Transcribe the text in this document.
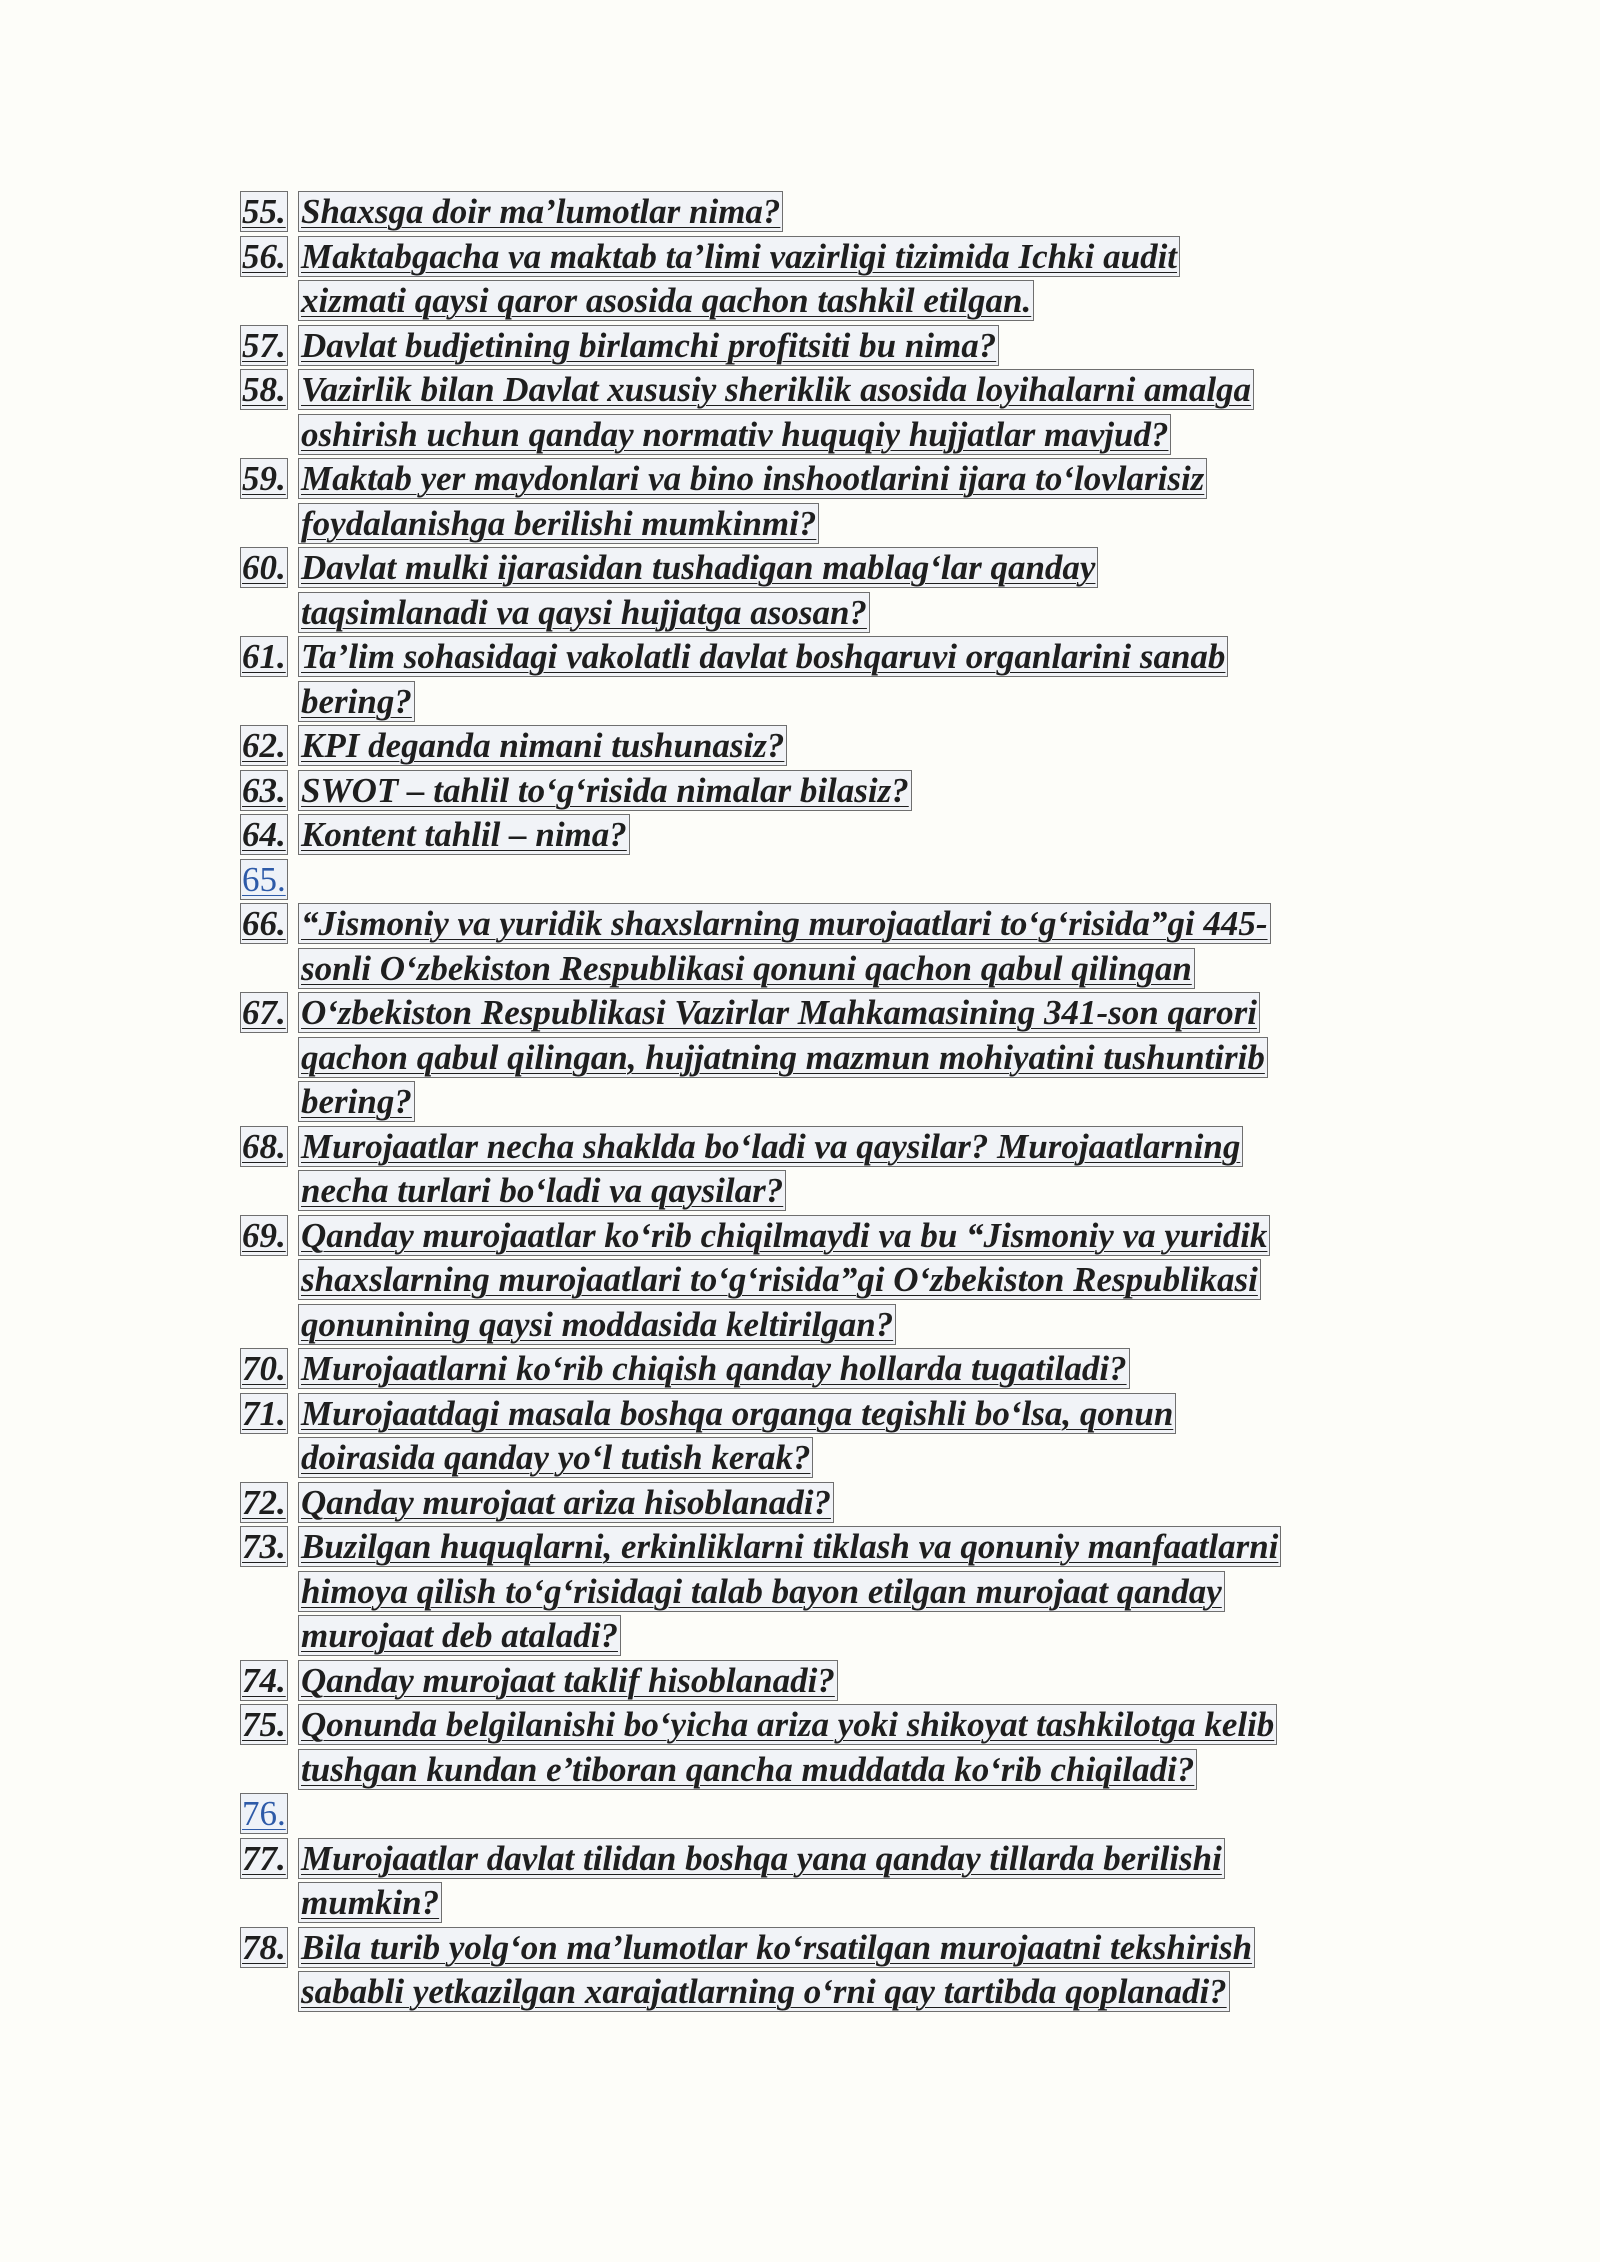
55. Shaxsga doir ma’lumotlar nima?
56. Maktabgacha va maktab ta’limi vazirligi tizimida Ichki audit
xizmati qaysi qaror asosida qachon tashkil etilgan.
57. Davlat budjetining birlamchi profitsiti bu nima?
58. Vazirlik bilan Davlat xususiy sheriklik asosida loyihalarni amalga
oshirish uchun qanday normativ huquqiy hujjatlar mavjud?
59. Maktab yer maydonlari va bino inshootlarini ijara to‘lovlarisiz
foydalanishga berilishi mumkinmi?
60. Davlat mulki ijarasidan tushadigan mablag‘lar qanday
taqsimlanadi va qaysi hujjatga asosan?
61. Ta’lim sohasidagi vakolatli davlat boshqaruvi organlarini sanab
bering?
62. KPI deganda nimani tushunasiz?
63. SWOT – tahlil to‘g‘risida nimalar bilasiz?
64. Kontent tahlil – nima?
65.
66. “Jismoniy va yuridik shaxslarning murojaatlari to‘g‘risida”gi 445-
sonli O‘zbekiston Respublikasi qonuni qachon qabul qilingan
67. O‘zbekiston Respublikasi Vazirlar Mahkamasining 341-son qarori
qachon qabul qilingan, hujjatning mazmun mohiyatini tushuntirib
bering?
68. Murojaatlar necha shaklda bo‘ladi va qaysilar? Murojaatlarning
necha turlari bo‘ladi va qaysilar?
69. Qanday murojaatlar ko‘rib chiqilmaydi va bu “Jismoniy va yuridik
shaxslarning murojaatlari to‘g‘risida”gi O‘zbekiston Respublikasi
qonunining qaysi moddasida keltirilgan?
70. Murojaatlarni ko‘rib chiqish qanday hollarda tugatiladi?
71. Murojaatdagi masala boshqa organga tegishli bo‘lsa, qonun
doirasida qanday yo‘l tutish kerak?
72. Qanday murojaat ariza hisoblanadi?
73. Buzilgan huquqlarni, erkinliklarni tiklash va qonuniy manfaatlarni
himoya qilish to‘g‘risidagi talab bayon etilgan murojaat qanday
murojaat deb ataladi?
74. Qanday murojaat taklif hisoblanadi?
75. Qonunda belgilanishi bo‘yicha ariza yoki shikoyat tashkilotga kelib
tushgan kundan e’tiboran qancha muddatda ko‘rib chiqiladi?
76.
77. Murojaatlar davlat tilidan boshqa yana qanday tillarda berilishi
mumkin?
78. Bila turib yolg‘on ma’lumotlar ko‘rsatilgan murojaatni tekshirish
sababli yetkazilgan xarajatlarning o‘rni qay tartibda qoplanadi?
